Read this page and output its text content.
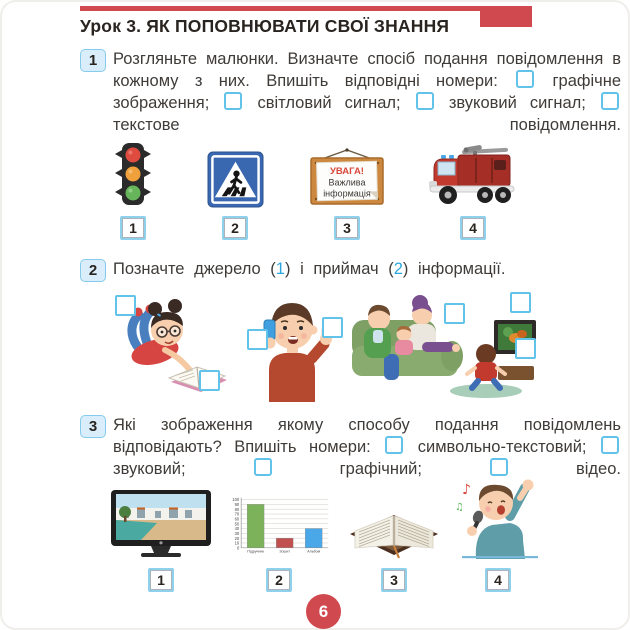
Урок 3. ЯК ПОПОВНЮВАТИ СВОЇ ЗНАННЯ
1 Розгляньте малюнки. Визначте спосіб подання повідомлення в кожному з них. Впишіть відповідні номери:  графічне зображення;  світловий сигнал;  звуковий сигнал;  текстове повідомлення.
1	2
УВАГА!
Важлива
інформація
3	4
2 Позначте джерело (1) і приймач (2) інформації.
3 Які зображення якому способу подання повідомлень відповідають? Впишіть номери:  символьно-текстовий;  звуковий;  графічний;  відео.
1
0
10
20
30
40
50
60
70
80
90
100
Підручник	Зошит	Альбом
2	3
♪
♫
4
6
